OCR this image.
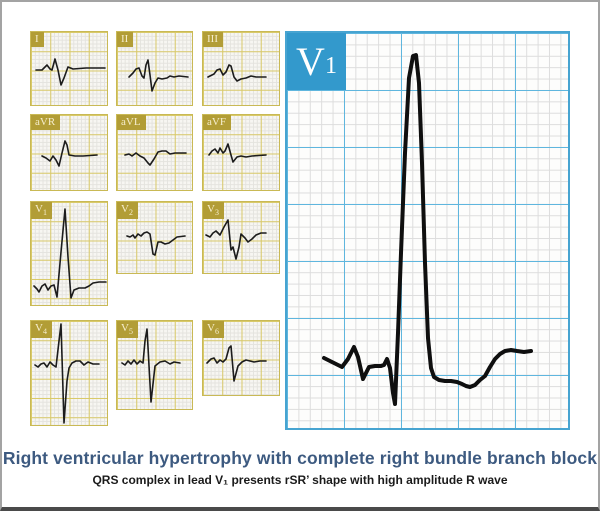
I	II	III
aVR	aVL	aVF
$V_1$	$V_2$	$V_3$
$V_4$	$V_5$	$V_6$
V 1
Right ventricular hypertrophy with complete right bundle branch block
QRS complex in lead V₁ presents rSR’ shape with high amplitude R wave
